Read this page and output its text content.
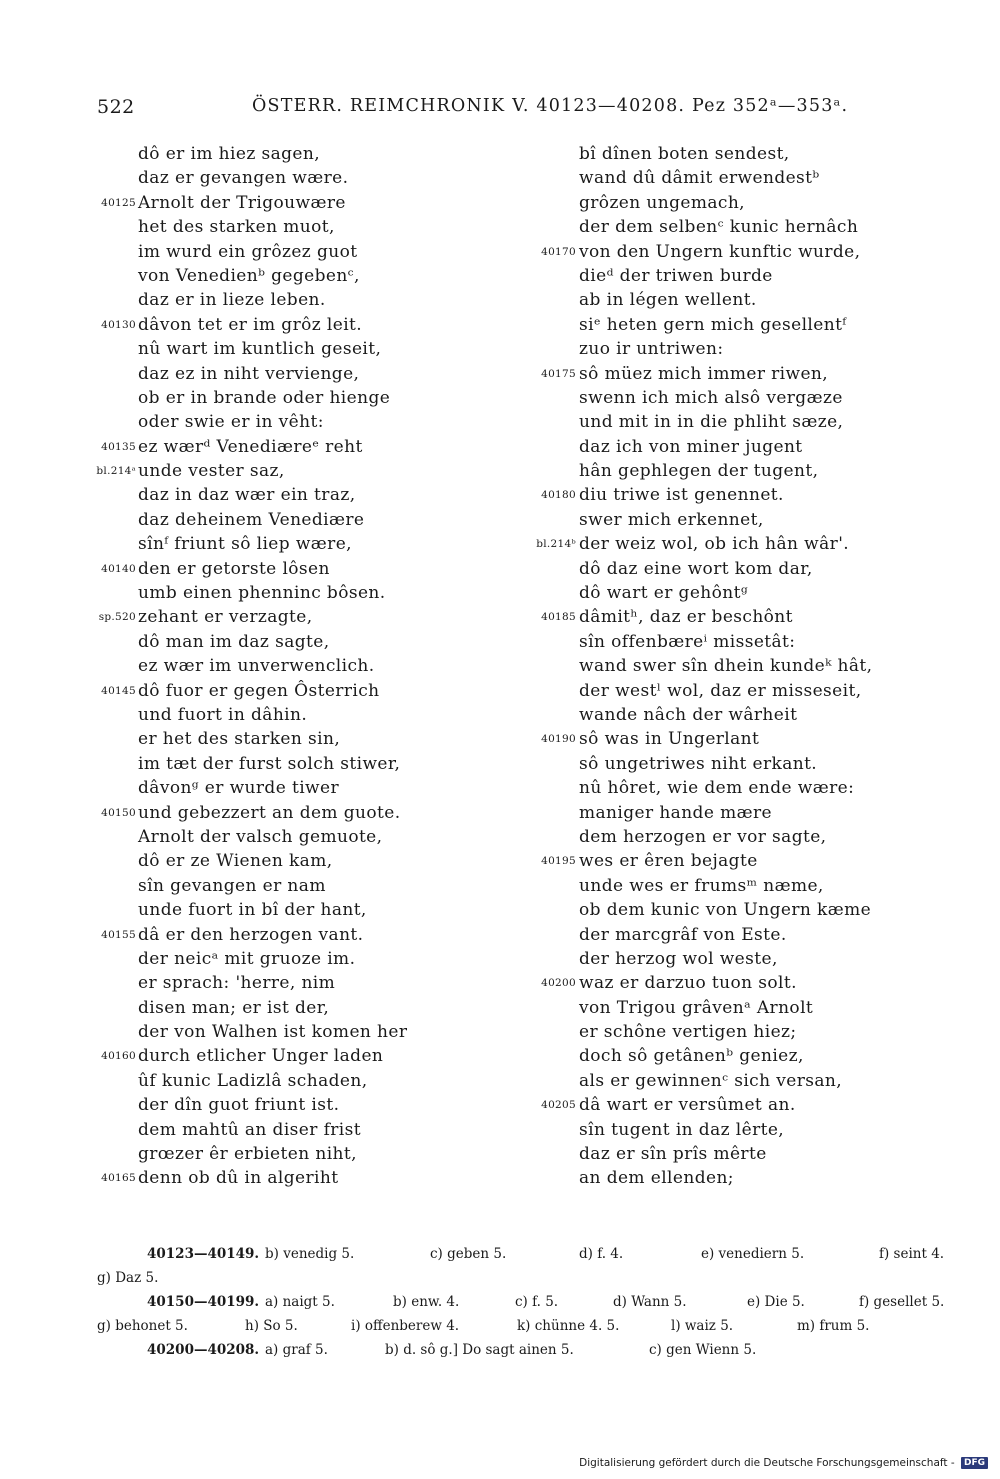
522	ÖSTERR. REIMCHRONIK V. 40123—40208. Pez 352ᵃ—353ᵃ.
dô er im hiez sagen,
daz er gevangen wære.
40125 Arnolt der Trigouwære
het des starken muot,
im wurd ein grôzez guot
von Venedienᵇ gegebenᶜ,
daz er in lieze leben.
40130 dâvon tet er im grôz leit.
nû wart im kuntlich geseit,
daz ez in niht vervienge,
ob er in brande oder hienge
oder swie er in vêht:
40135 ez wærᵈ Venediæreᵉ reht
bl.214ᵃ unde vester saz,
daz in daz wær ein traz,
daz deheinem Venediære
sînᶠ friunt sô liep wære,
40140 den er getorste lôsen
umb einen phenninc bôsen.
sp.520 zehant er verzagte,
dô man im daz sagte,
ez wær im unverwenclich.
40145 dô fuor er gegen Ôsterrich
und fuort in dâhin.
er het des starken sin,
im tæt der furst solch stiwer,
dâvonᵍ er wurde tiwer
40150 und gebezzert an dem guote.
Arnolt der valsch gemuote,
dô er ze Wienen kam,
sîn gevangen er nam
unde fuort in bî der hant,
40155 dâ er den herzogen vant.
der neicᵃ mit gruoze im.
er sprach: 'herre, nim
disen man; er ist der,
der von Walhen ist komen her
40160 durch etlicher Unger laden
ûf kunic Ladizlâ schaden,
der dîn guot friunt ist.
dem mahtû an diser frist
grœzer êr erbieten niht,
40165 denn ob dû in algeriht
bî dînen boten sendest,
wand dû dâmit erwendestᵇ
grôzen ungemach,
der dem selbenᶜ kunic hernâch
40170 von den Ungern kunftic wurde,
dieᵈ der triwen burde
ab in légen wellent.
siᵉ heten gern mich gesellentᶠ
zuo ir untriwen:
40175 sô müez mich immer riwen,
swenn ich mich alsô vergæze
und mit in in die phliht sæze,
daz ich von miner jugent
hân gephlegen der tugent,
40180 diu triwe ist genennet.
swer mich erkennet,
bl.214ᵇ der weiz wol, ob ich hân wâr'.
dô daz eine wort kom dar,
dô wart er gehôntᵍ
40185 dâmitʰ, daz er beschônt
sîn offenbæreⁱ missetât:
wand swer sîn dhein kundeᵏ hât,
der westˡ wol, daz er misseseit,
wande nâch der wârheit
40190 sô was in Ungerlant
sô ungetriwes niht erkant.
nû hôret, wie dem ende wære:
maniger hande mære
dem herzogen er vor sagte,
40195 wes er êren bejagte
unde wes er frumsᵐ næme,
ob dem kunic von Ungern kæme
der marcgrâf von Este.
der herzog wol weste,
40200 waz er darzuo tuon solt.
von Trigou grâvenᵃ Arnolt
er schône vertigen hiez;
doch sô getânenᵇ geniez,
als er gewinnenᶜ sich versan,
40205 dâ wart er versûmet an.
sîn tugent in daz lêrte,
daz er sîn prîs mêrte
an dem ellenden;
40123—40149. b) venedig 5.	c) geben 5.	d) f. 4.	e) venediern 5.	f) seint 4.
g) Daz 5.
40150—40199. a) naigt 5.	b) enw. 4.	c) f. 5.	d) Wann 5.	e) Die 5.	f) gesellet 5.
g) behonet 5.	h) So 5.	i) offenberew 4.	k) chünne 4. 5.	l) waiz 5.	m) frum 5.
40200—40208. a) graf 5.	b) d. sô g.] Do sagt ainen 5.	c) gen Wienn 5.
Digitalisierung gefördert durch die Deutsche Forschungsgemeinschaft - DFG
